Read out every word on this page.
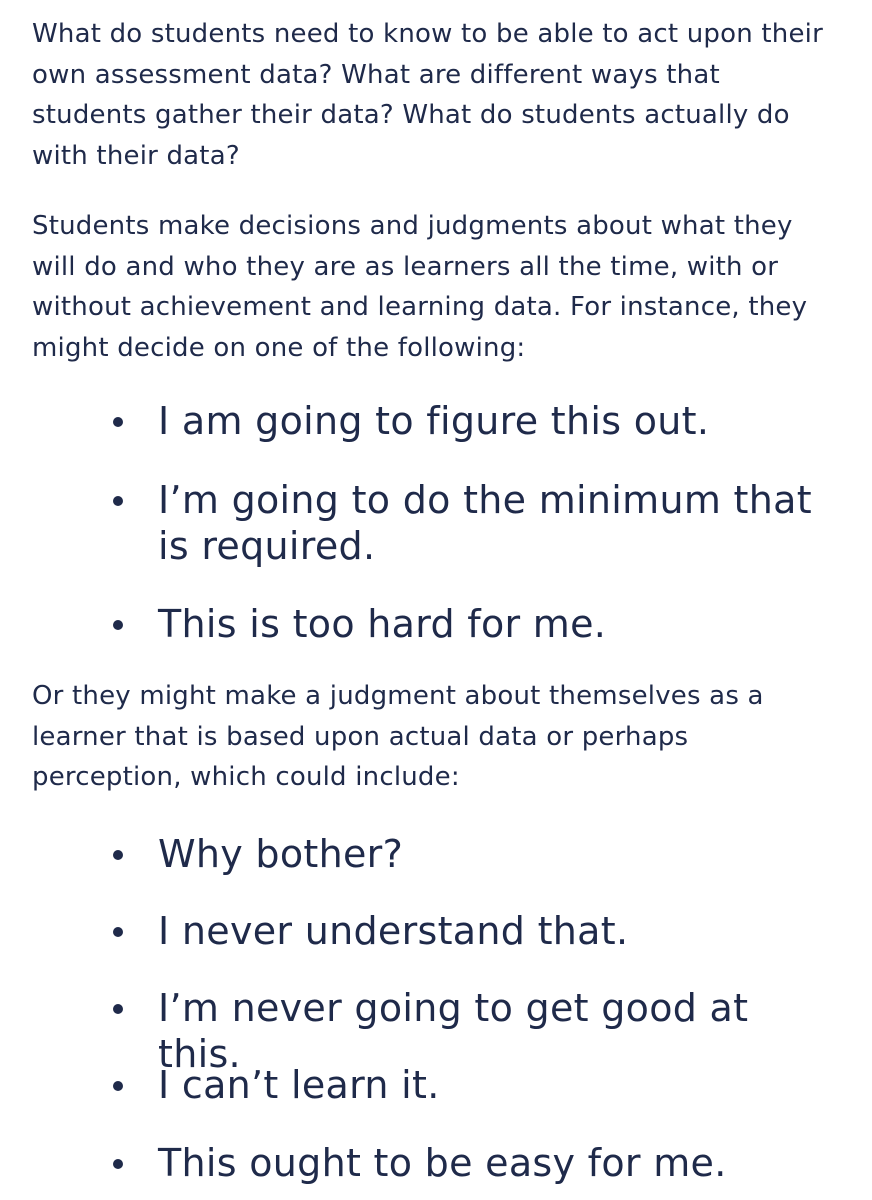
What do students need to know to be able to act upon their own assessment data? What are different ways that students gather their data? What do students actually do with their data?

Students make decisions and judgments about what they will do and who they are as learners all the time, with or without achievement and learning data. For instance, they might decide on one of the following:

I am going to figure this out.
I’m going to do the minimum that is required.
This is too hard for me.

Or they might make a judgment about themselves as a learner that is based upon actual data or perhaps perception, which could include:

Why bother?
I never understand that.
I’m never going to get good at this.
I can’t learn it.
This ought to be easy for me.
